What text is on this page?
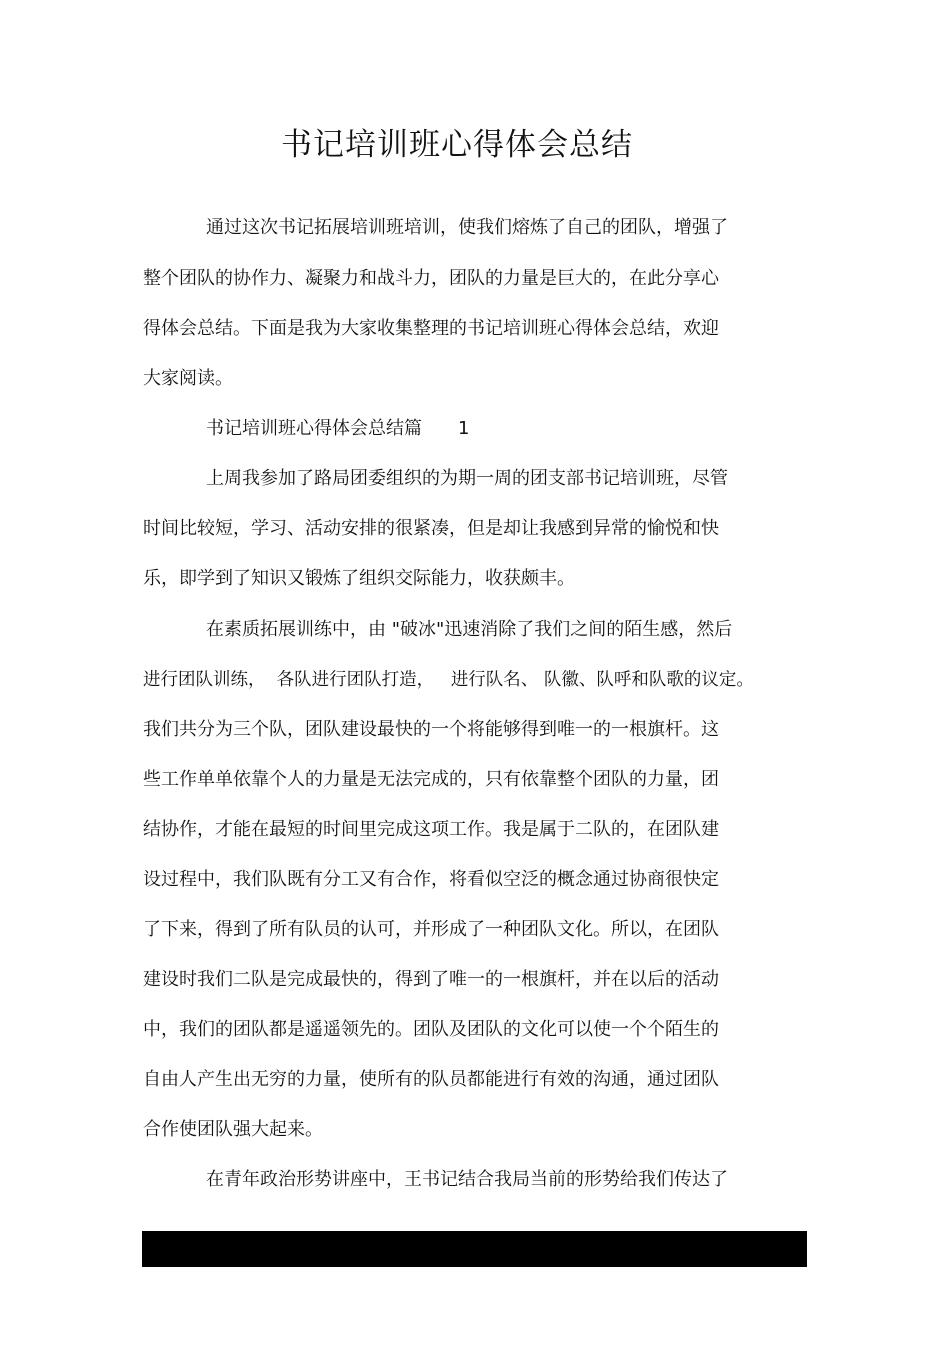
书记培训班心得体会总结

通过这次书记拓展培训班培训，使我们熔炼了自己的团队，增强了

整个团队的协作力、凝聚力和战斗力，团队的力量是巨大的，在此分享心

得体会总结。下面是我为大家收集整理的书记培训班心得体会总结，欢迎

大家阅读。

书记培训班心得体会总结篇　　1

上周我参加了路局团委组织的为期一周的团支部书记培训班，尽管

时间比较短，学习、活动安排的很紧凑，但是却让我感到异常的愉悦和快

乐，即学到了知识又锻炼了组织交际能力，收获颇丰。

在素质拓展训练中，由 "破冰"迅速消除了我们之间的陌生感，然后

进行团队训练，  各队进行团队打造，   进行队名、 队徽、队呼和队歌的议定。

我们共分为三个队，团队建设最快的一个将能够得到唯一的一根旗杆。这

些工作单单依靠个人的力量是无法完成的，只有依靠整个团队的力量，团

结协作，才能在最短的时间里完成这项工作。我是属于二队的，在团队建

设过程中，我们队既有分工又有合作，将看似空泛的概念通过协商很快定

了下来，得到了所有队员的认可，并形成了一种团队文化。所以，在团队

建设时我们二队是完成最快的，得到了唯一的一根旗杆，并在以后的活动

中，我们的团队都是遥遥领先的。团队及团队的文化可以使一个个陌生的

自由人产生出无穷的力量，使所有的队员都能进行有效的沟通，通过团队

合作使团队强大起来。

在青年政治形势讲座中，王书记结合我局当前的形势给我们传达了
